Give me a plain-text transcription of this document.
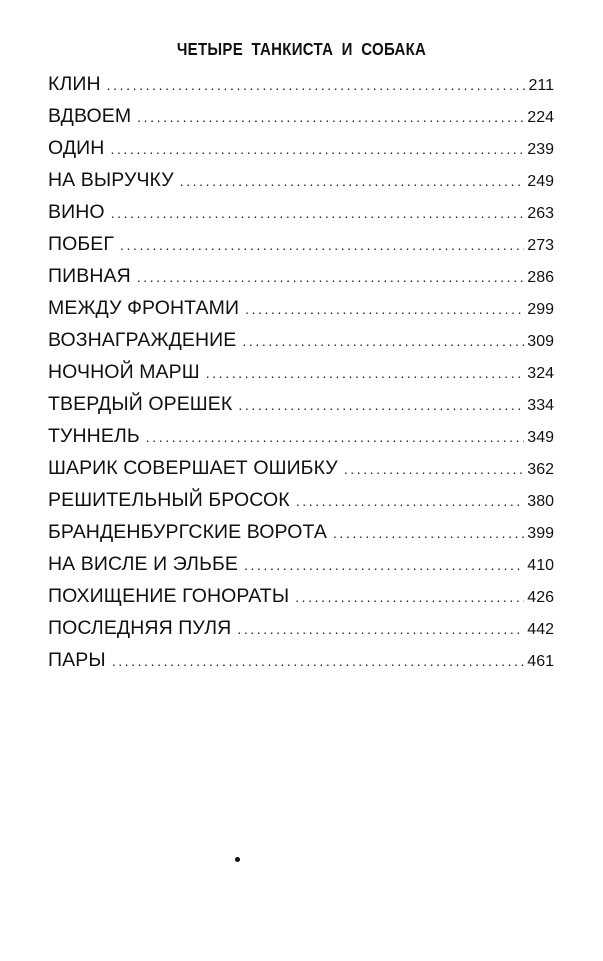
ЧЕТЫРЕ ТАНКИСТА И СОБАКА
КЛИН .....	211
ВДВОЕМ .....	224
ОДИН .....	239
НА ВЫРУЧКУ .....	249
ВИНО .....	263
ПОБЕГ .....	273
ПИВНАЯ .....	286
МЕЖДУ ФРОНТАМИ .....	299
ВОЗНАГРАЖДЕНИЕ .....	309
НОЧНОЙ МАРШ .....	324
ТВЕРДЫЙ ОРЕШЕК .....	334
ТУННЕЛЬ .....	349
ШАРИК СОВЕРШАЕТ ОШИБКУ .....	362
РЕШИТЕЛЬНЫЙ БРОСОК .....	380
БРАНДЕНБУРГСКИЕ ВОРОТА .....	399
НА ВИСЛЕ И ЭЛЬБЕ .....	410
ПОХИЩЕНИЕ ГОНОРАТЫ .....	426
ПОСЛЕДНЯЯ ПУЛЯ .....	442
ПАРЫ .....	461
